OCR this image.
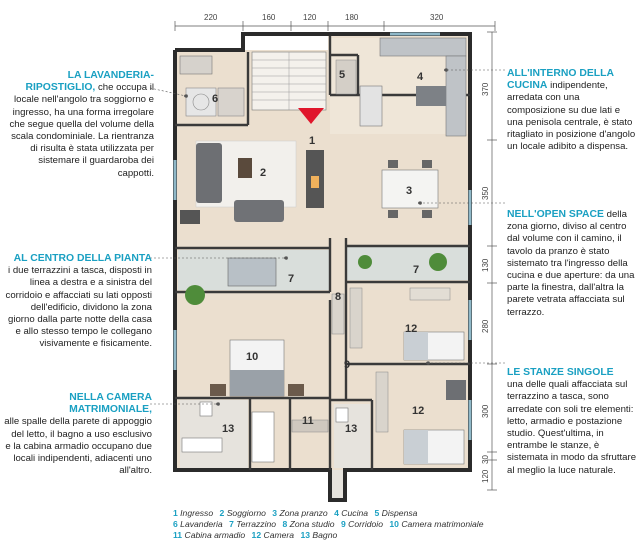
220	160	120	180	320
370
350
130
280
300
30
120
1
2
3
4
5
6
7
7
8
9
10
11
12
12
13	13
LA LAVANDERIA-RIPOSTIGLIO, che occupa il locale nell'angolo tra soggiorno e ingresso, ha una forma irregolare che segue quella del volume della scala condominiale. La rientranza di risulta è stata utilizzata per sistemare il guardaroba dei cappotti.
AL CENTRO DELLA PIANTA
i due terrazzini a tasca, disposti in linea a destra e a sinistra del corridoio e affacciati su lati opposti dell'edificio, dividono la zona giorno dalla parte notte della casa e allo stesso tempo le collegano visivamente e fisicamente.
NELLA CAMERA MATRIMONIALE,
alle spalle della parete di appoggio del letto, il bagno a uso esclusivo e la cabina armadio occupano due locali indipendenti, adiacenti uno all'altro.
ALL'INTERNO DELLA CUCINA indipendente, arredata con una composizione su due lati e una penisola centrale, è stato ritagliato in posizione d'angolo un locale adibito a dispensa.
NELL'OPEN SPACE della zona giorno, diviso al centro dal volume con il camino, il tavolo da pranzo è stato sistemato tra l'ingresso della cucina e due aperture: da una parte la finestra, dall'altra la parete vetrata affacciata sul terrazzo.
LE STANZE SINGOLE
una delle quali affacciata sul terrazzino a tasca, sono arredate con soli tre elementi: letto, armadio e postazione studio. Quest'ultima, in entrambe le stanze, è sistemata in modo da sfruttare al meglio la luce naturale.
1 Ingresso 2 Soggiorno 3 Zona pranzo 4 Cucina 5 Dispensa
6 Lavanderia 7 Terrazzino 8 Zona studio 9 Corridoio 10 Camera matrimoniale
11 Cabina armadio 12 Camera 13 Bagno
